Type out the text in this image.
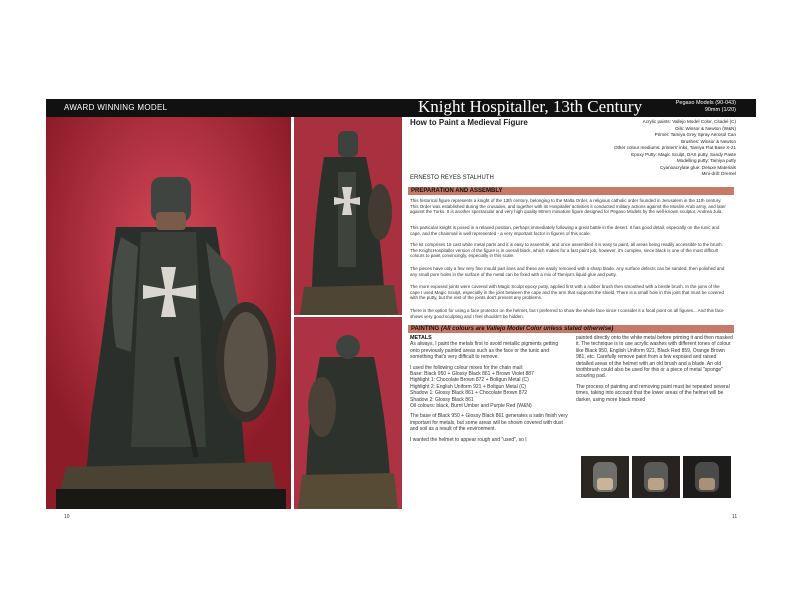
AWARD WINNING MODEL	Knight Hospitaller, 13th Century	Pegaso Models (90-043)
90mm (1/20)
How to Paint a Medieval Figure	Acrylic paints: Vallejo Model Color, Citadel (C)
Oils: Winsor & Newton (W&N)
Primer: Tamiya Grey Spray Aerosol Can
Brushes: Winsor & Newton
Other colour mediums: printers' inks, Tamiya Flat Base X-21
Epoxy Putty: Magic Sculpt, DAS putty, Sandy Paste
Modelling putty: Tamiya putty
Cyanoacrylate glue: Deluxe Materials
Mini-drill: Dremel
ERNESTO REYES STALHUTH
PREPARATION AND ASSEMBLY
This historical figure represents a knight of the 13th century, belonging to the Malta Order, a religious catholic order founded in Jerusalem in the 11th century. This Order was established during the crusades, and together with its Hospitaller activities it conducted military actions against the Muslim Arab army, and later against the Turks. It is another spectacular and very high quality 90mm miniature figure designed for Pegaso Models by the well-known sculptor, Andrea Jula.
This particular knight is posed in a relaxed position, perhaps immediately following a great battle in the desert. It has good detail, especially on the tunic and cape, and the chainmail is well represented - a very important factor in figures of this scale.
The kit comprises 16 cast white metal parts and it is easy to assemble, and once assembled it is easy to paint, all areas being readily accessible to the brush. The Knight Hospitaller version of the figure is in overall black, which makes for a fast paint job, however, it's complex, since black is one of the most difficult colours to paint convincingly, especially in this scale.
The pieces have only a few very fine mould part lines and these are easily removed with a sharp blade. Any surface defects can be sanded, then polished and any small pore holes in the surface of the metal can be fixed with a mix of Tamiya's liquid glue and putty.
The more exposed joints were covered with Magic Sculpt epoxy putty, applied first with a rubber brush then smoothed with a bristle brush. In the joins of the cape I used Magic Sculpt, especially in the joint between the cape and the arm that supports the shield. There is a small hole in this joint that must be covered with the putty, but the rest of the joints don't present any problems.
There is the option for using a face protector on the helmet, but I preferred to show the whole face since I consider it a focal point on all figures... And this face shows very good sculpting and I feel shouldn't be hidden.
PAINTING (All colours are Vallejo Model Color unless stated otherwise)
METALS
As always, I paint the metals first to avoid metallic pigments getting onto previously painted areas such as the face or the tunic and something that's very difficult to remove.
I used the following colour mixes for the chain mail:
Base: Black 950 + Glossy Black 861 + Brown Violet 887
Highlight 1: Chocolate Brown 872 + Boltgun Metal (C)
Highlight 2: English Uniform 921 + Boltgun Metal (C)
Shadow 1: Glossy Black 861 + Chocolate Brown 872
Shadow 2: Glossy Black 861
Oil colours: black, Burnt Umber and Purple Red (W&N)
The base of Black 950 + Glossy Black 861 generates a satin finish very important for metals, but some areas will be shown covered with dust and soil as a result of the environment.
I wanted the helmet to appear rough and "used", so I
painted directly onto the white metal before priming it and then masked it. The technique is to use acrylic washes with different tones of colour like Black 950, English Uniform 921, Black Red 859, Orange Brown 981, etc. Carefully remove paint from a few exposed and raised detailed areas of the helmet with an old brush and a blade. An old toothbrush could also be used for this or a piece of metal "sponge" scouring pad.
The process of painting and removing paint must be repeated several times, taking into account that the lower areas of the helmet will be darker, using more black mixed
10	11
